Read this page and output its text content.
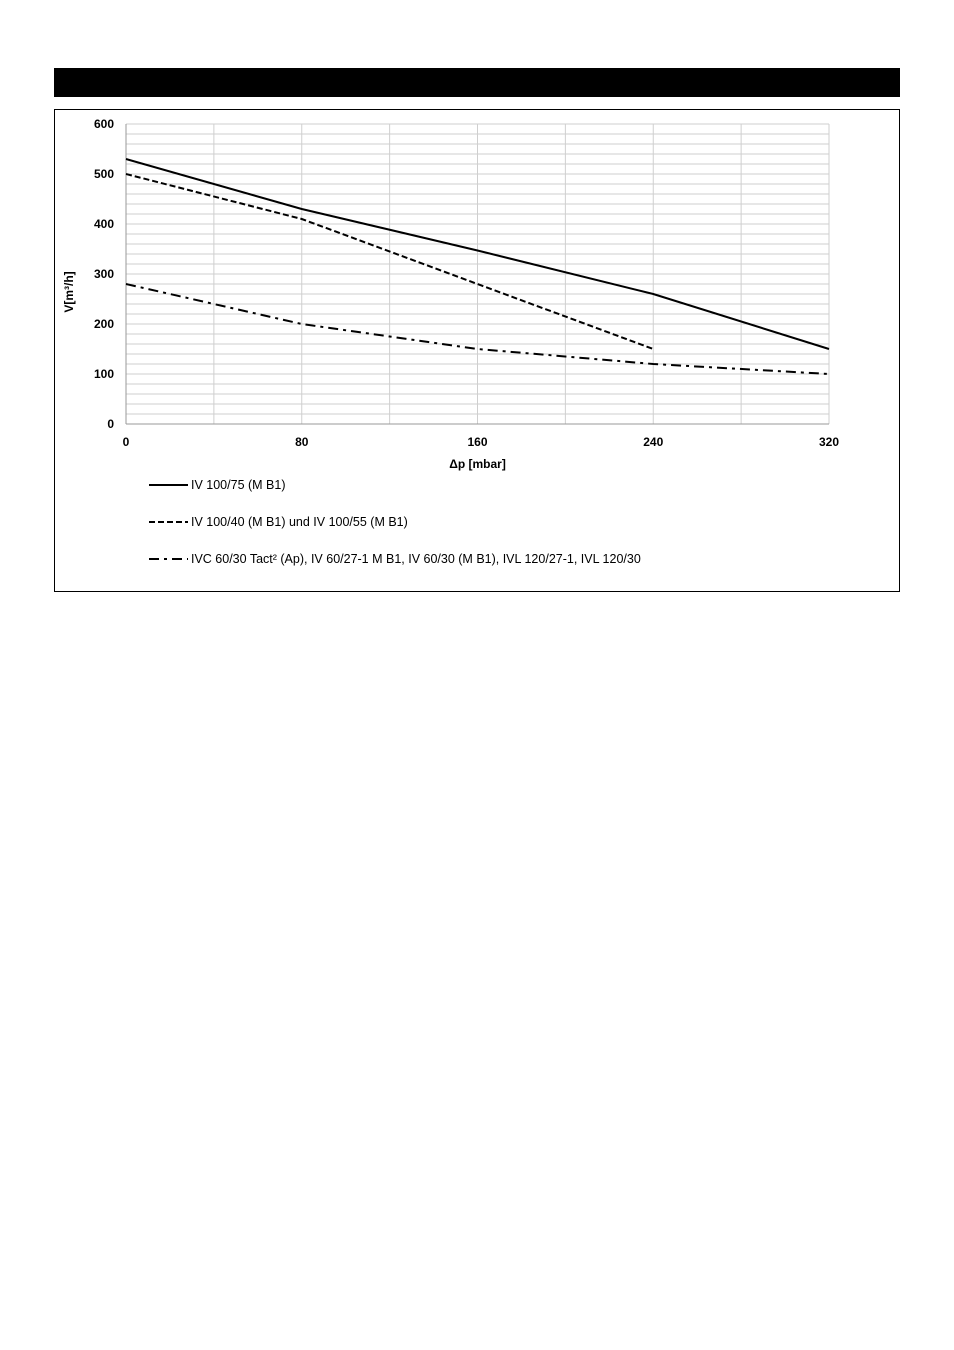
0
100
200
300
400
500
600
0	80	160	240	320
Δp [mbar]
V[m³/h]
IV 100/75 (M B1)
IV 100/40 (M B1) und IV 100/55 (M B1)
IVC 60/30 Tact² (Ap), IV 60/27-1 M B1, IV 60/30 (M B1), IVL 120/27-1, IVL 120/30
